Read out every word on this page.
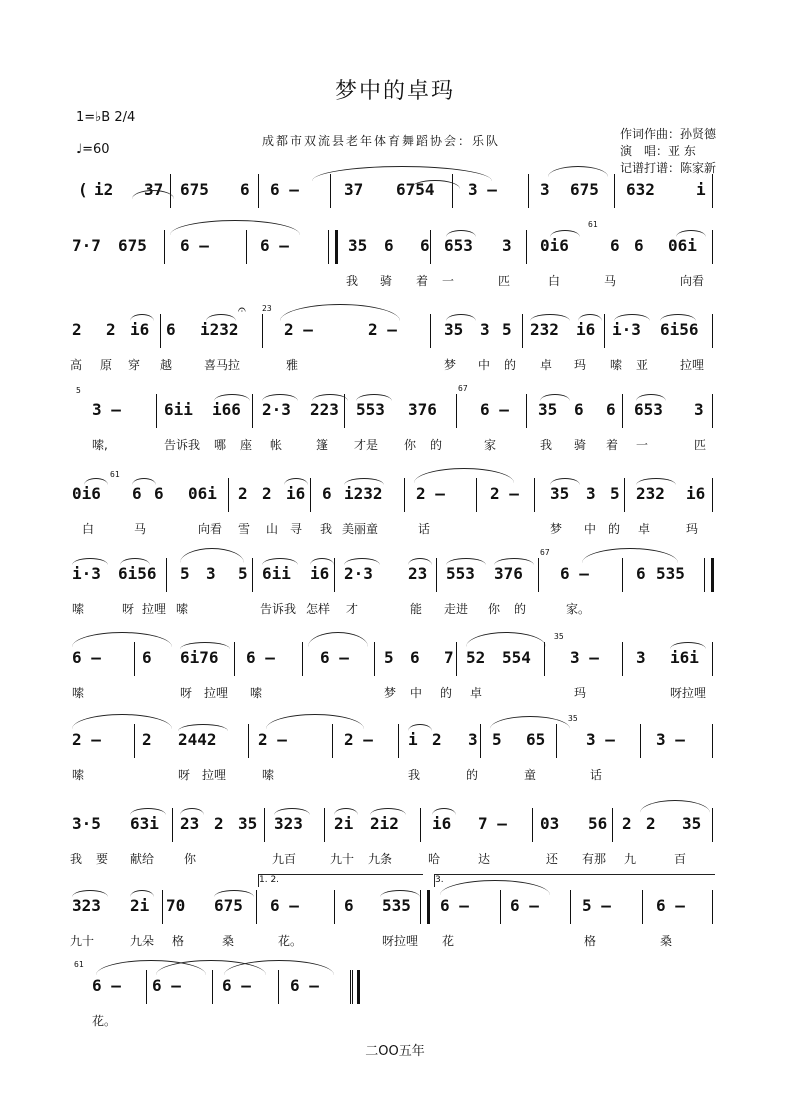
梦中的卓玛
1=♭B 2/4
♩=60
成都市双流县老年体育舞蹈协会：乐队	作词作曲：孙贤德
演　唱：亚 东
记谱打谱：陈家新
( i2 37 675 6 6 –	37 6754 3 –	3 675 632	i
7·7 675 6 –	6 –	35 6 6 653 3 0i6	6 6 06i
61
我 骑 着 一	匹	白	马	向看
2 2 i6 6 i232	2 –	2 –	35 3 5 232 i6 i·3 6i56
23
高 原 穿 越	喜马拉	雅	梦 中 的 卓 玛 嗦 亚	拉哩
3 –	6ii i66 2·3 223 553 376	6 – 35 6 6 653 3
5	67
嗦,	告诉我 哪 座 帐	篷 才是 你 的	家	我 骑 着 一	匹
0i6 6 6 06i 2 2 i6 6 i232 2 –	2 – 35 3 5 232 i6
61
白	马	向看 雪 山 寻 我 美丽童	话	梦 中 的 卓	玛
i·3 6i56 5 3 5 6ii i6 2·3 23 553 376 6 –	6 535
67
嗦	呀 拉哩 嗦	告诉我 怎样 才	能 走进 你 的	家。
6 –	6 6i76 6 –	6 – 5 6 7 52 554 3 – 3 i6i
35
嗦	呀 拉哩 嗦	梦 中 的 卓	玛	呀拉哩
2 –	2 2442	2 –	2 – i 2 3 5 65	3 –	3 –
35
嗦	呀 拉哩	嗦	我	的	童	话
3·5 63i 23 2 35 323 2i 2i2 i6 7 – 03 56 2 2 35
我 要 献给 你	九百	九十 九条	哈	达	还 有那 九	百
323 2i 70 675 6 –	6 535 6 –	6 –	5 –	6 –
九十	九朵 格	桑	花。	呀拉哩 花	格	桑
6 – 6 –	6 – 6 –
61
花。
1. 2.	3.
𝄐
二OO五年
